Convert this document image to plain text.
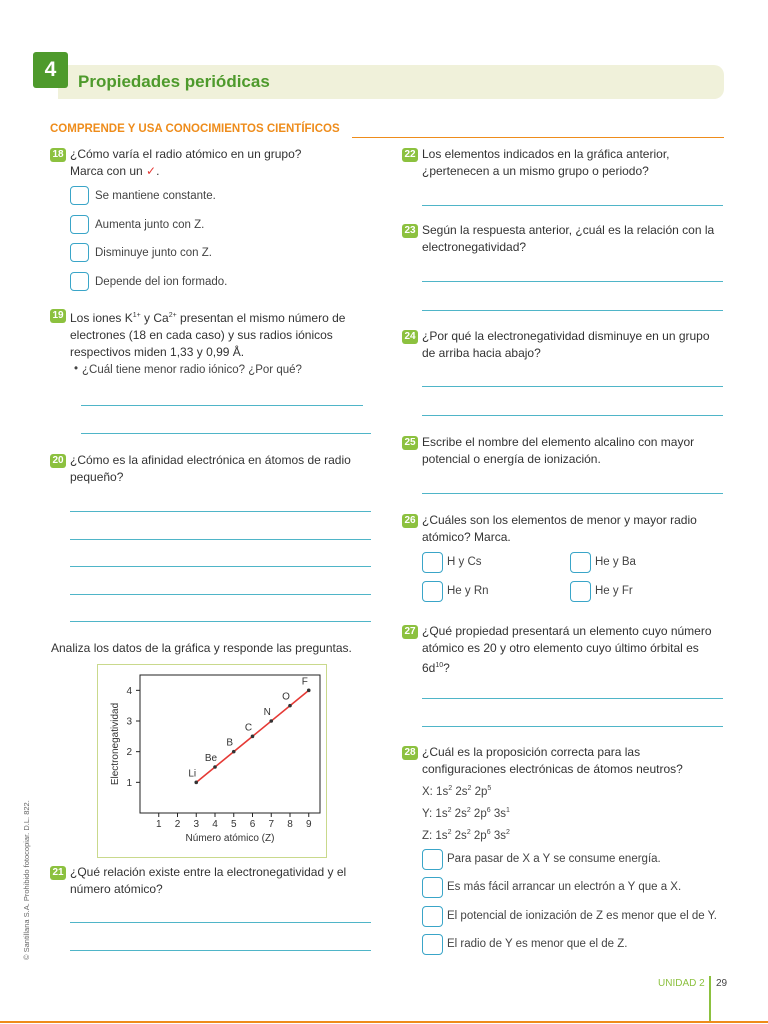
4
Propiedades periódicas
COMPRENDE Y USA CONOCIMIENTOS CIENTÍFICOS
18 ¿Cómo varía el radio atómico en un grupo?
Marca con un ✓.
Se mantiene constante.
Aumenta junto con Z.
Disminuye junto con Z.
Depende del ion formado.
19 Los iones $K^{1+}$ y $Ca^{2+}$ presentan el mismo número de
electrones (18 en cada caso) y sus radios iónicos
respectivos miden 1,33 y 0,99 Å.
• ¿Cuál tiene menor radio iónico? ¿Por qué?
20 ¿Cómo es la afinidad electrónica en átomos de radio
pequeño?
Analiza los datos de la gráfica y responde las preguntas.
1 2 3 4 5 6 7 8 9
1
2
3
4
Número atómico (Z)
Electronegatividad	Li
Be
B
C
N
O
F
21 ¿Qué relación existe entre la electronegatividad y el
número atómico?
© Santillana S.A. Prohibido fotocopiar. D.L. 822.
22 Los elementos indicados en la gráfica anterior,
¿pertenecen a un mismo grupo o periodo?
23 Según la respuesta anterior, ¿cuál es la relación con la
electronegatividad?
24 ¿Por qué la electronegatividad disminuye en un grupo
de arriba hacia abajo?
25 Escribe el nombre del elemento alcalino con mayor
potencial o energía de ionización.
26 ¿Cuáles son los elementos de menor y mayor radio
atómico? Marca.
H y Cs	He y Ba
He y Rn	He y Fr
27 ¿Qué propiedad presentará un elemento cuyo número
atómico es 20 y otro elemento cuyo último órbital es
$6d^{10}$?
28 ¿Cuál es la proposición correcta para las
configuraciones electrónicas de átomos neutros?
X: $1s^2$ $2s^2$ $2p^5$
Y: $1s^2$ $2s^2$ $2p^6$ $3s^1$
Z: $1s^2$ $2s^2$ $2p^6$ $3s^2$
Para pasar de X a Y se consume energía.
Es más fácil arrancar un electrón a Y que a X.
El potencial de ionización de Z es menor que el de Y.
El radio de Y es menor que el de Z.
UNIDAD 2 29
